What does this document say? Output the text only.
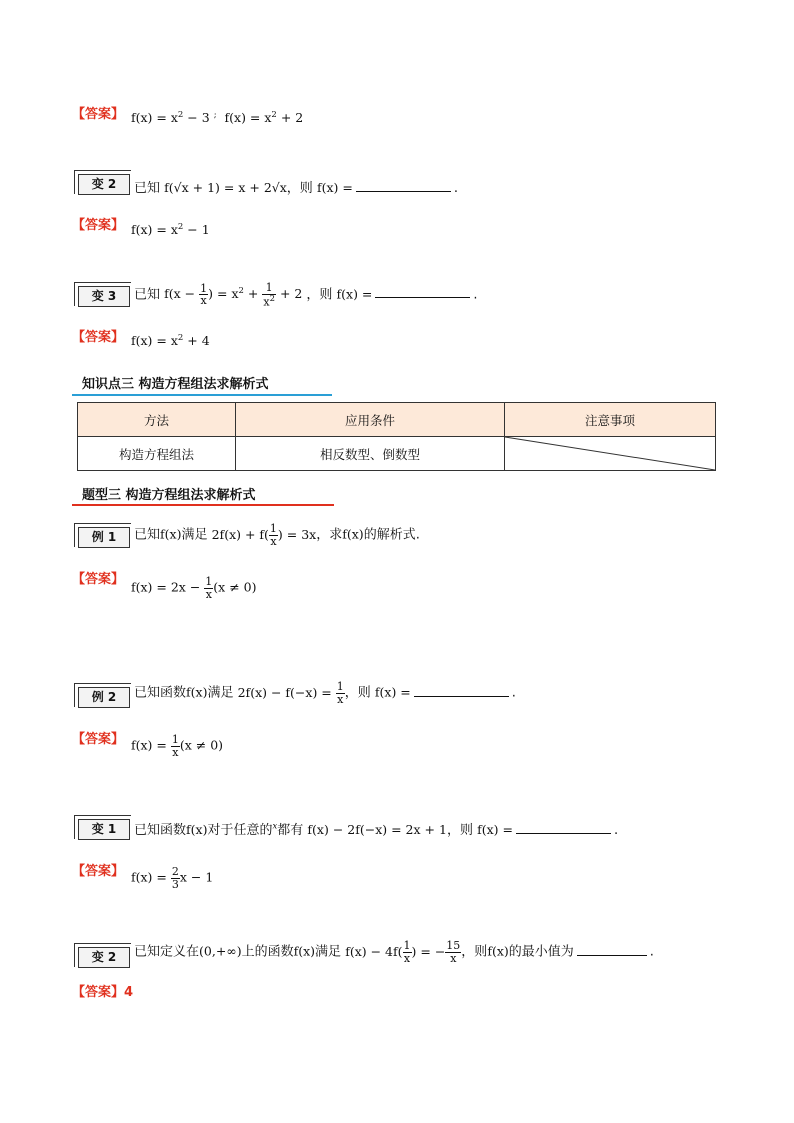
【答案】 $f(x) = x^2 - 3$ ; $f(x) = x^2 + 2$
变 2	已知 f(√x + 1) = x + 2√x，则 f(x) =	.
【答案】 $f(x) = x^2 - 1$
变 3	已知 $f(x - \frac{1}{x}$ ) = $x^2 + \frac{1}{x^2} + 2$ ，则 f(x) =	.
【答案】 $f(x) = x^2 + 4$
知识点三 构造方程组法求解析式
方法	应用条件	注意事项
构造方程组法	相反数型、倒数型	
题型三 构造方程组法求解析式
例 1	已知f(x)满足 $2f(x) + f( \frac{1}{x}$ ) = 3x，求f(x)的解析式.
【答案】
$f(x) = 2x - \frac{1}{x} (x \ne 0)$
例 2	已知函数f(x)满足 $2f(x) - f(-x) = \frac{1}{x}$ ，则 f(x) =	.
【答案】 $f(x) = \frac{1}{x} (x \ne 0)$
变 1	已知函数f(x)对于任意的$^x$都有 f(x) − 2f(−x) = 2x + 1，则 f(x) =	.
【答案】 $f(x) = \frac{2}{3}$ x − 1
变 2	已知定义在(0,+∞)上的函数f(x)满足 $f(x) - 4f( \frac{1}{x}$ ) = − $\frac{15}{x}$ ，则f(x)的最小值为	.
【答案】4
